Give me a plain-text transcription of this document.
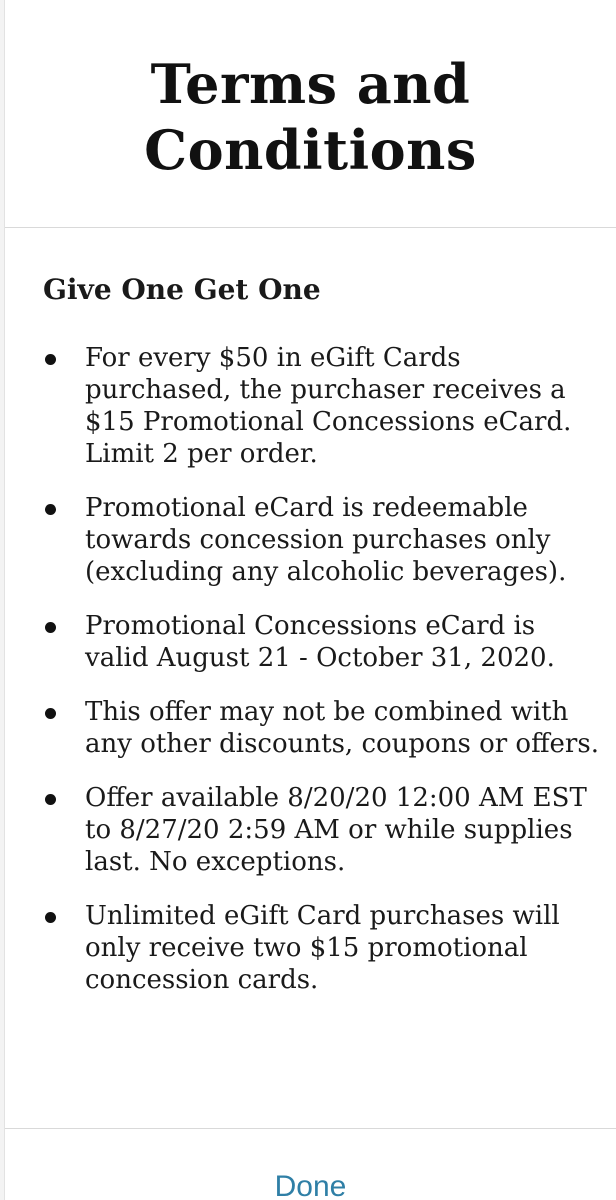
Terms and Conditions
Give One Get One
For every $50 in eGift Cards purchased, the purchaser receives a $15 Promotional Concessions eCard. Limit 2 per order.
Promotional eCard is redeemable towards concession purchases only (excluding any alcoholic beverages).
Promotional Concessions eCard is valid August 21 - October 31, 2020.
This offer may not be combined with any other discounts, coupons or offers.
Offer available 8/20/20 12:00 AM EST to 8/27/20 2:59 AM or while supplies last. No exceptions.
Unlimited eGift Card purchases will only receive two $15 promotional concession cards.
Done
